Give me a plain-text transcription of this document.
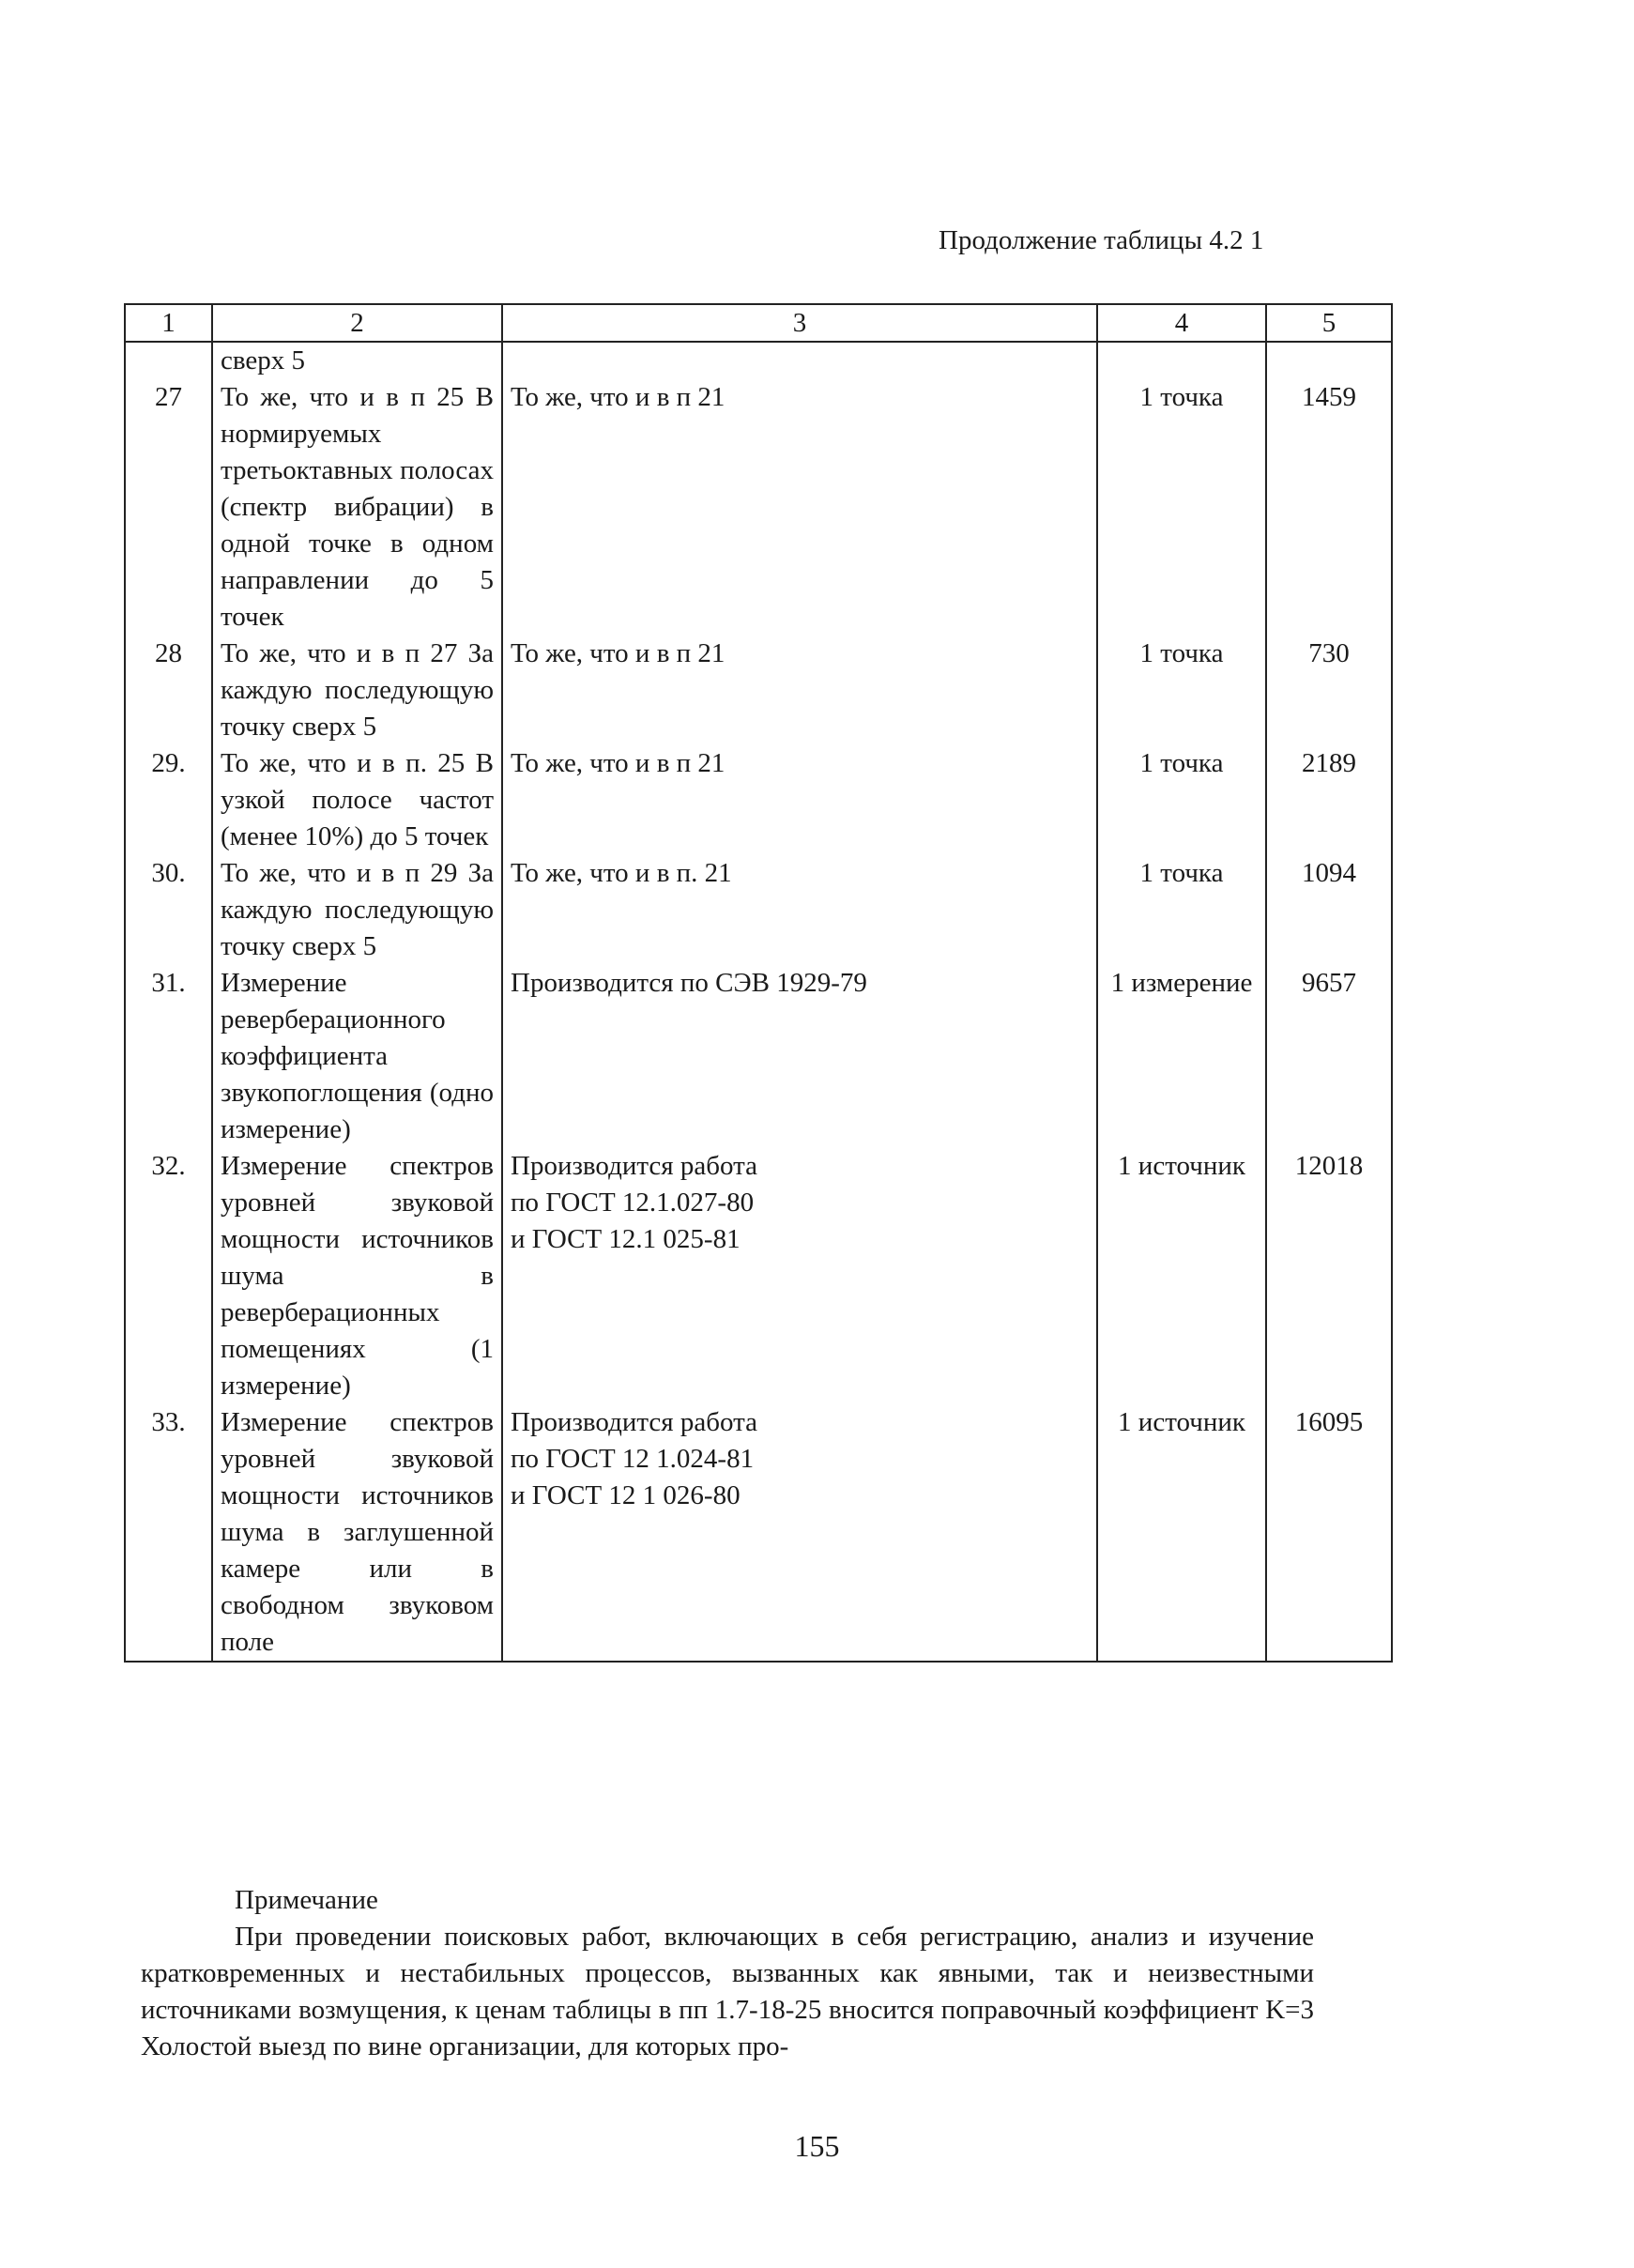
Продолжение таблицы 4.2 1
1	2	3	4	5
	сверх 5	

27	То же, что и в п 25 В нормируемых третьоктавных полосах (спектр вибрации) в одной точке в одном направлении до 5 точек	То же, что и в п 21	1 точка	1459
28	То же, что и в п 27 За каждую последующую точку сверх 5	То же, что и в п 21	1 точка	730
29.	То же, что и в п. 25 В узкой полосе частот (менее 10%) до 5 точек	То же, что и в п 21	1 точка	2189
30.	То же, что и в п 29 За каждую последующую точку сверх 5	То же, что и в п. 21	1 точка	1094
31.	Измерение реверберационного коэффициента звукопоглощения (одно измерение)	Производится по СЭВ 1929-79	1 измерение	9657
32.	Измерение спектров уровней звуковой мощности источников шума в реверберационных помещениях (1 измерение)	Производится работа
по ГОСТ 12.1.027-80
и ГОСТ 12.1 025-81	1 источник	12018
33.	Измерение спектров уровней звуковой мощности источников шума в заглушенной камере или в свободном звуковом поле	Производится работа
по ГОСТ 12 1.024-81
и ГОСТ 12 1 026-80	1 источник	16095
Примечание
При проведении поисковых работ, включающих в себя регистрацию, анализ и изучение кратковременных и нестабильных процессов, вызванных как явными, так и неизвестными источниками возмущения, к ценам таблицы в пп 1.7-18-25 вносится поправочный коэффициент K=3 Холостой выезд по вине организации, для которых про-
155
